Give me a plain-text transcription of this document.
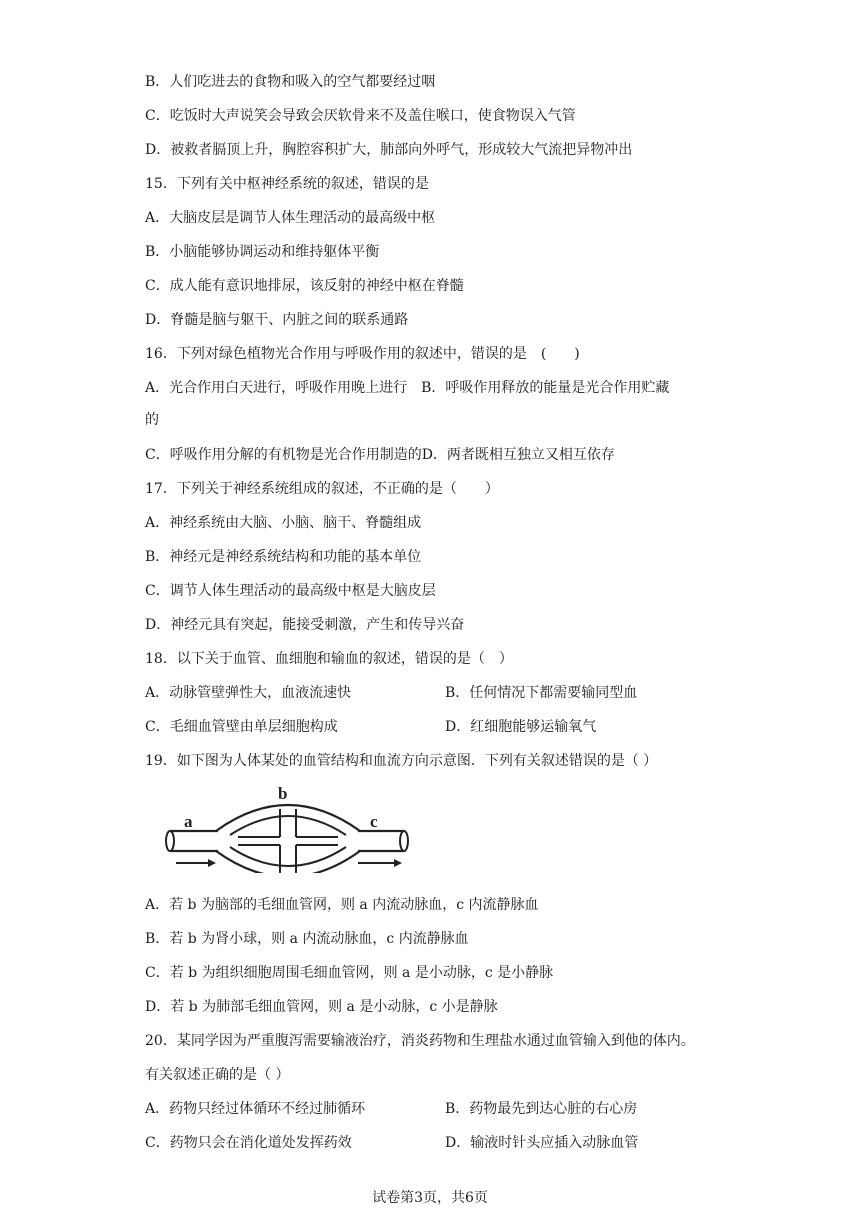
B．人们吃进去的食物和吸入的空气都要经过咽
C．吃饭时大声说笑会导致会厌软骨来不及盖住喉口，使食物误入气管
D．被救者膈顶上升，胸腔容积扩大，肺部向外呼气，形成较大气流把异物冲出
15．下列有关中枢神经系统的叙述，错误的是
A．大脑皮层是调节人体生理活动的最高级中枢
B．小脑能够协调运动和维持躯体平衡
C．成人能有意识地排尿，该反射的神经中枢在脊髓
D．脊髓是脑与躯干、内脏之间的联系通路
16．下列对绿色植物光合作用与呼吸作用的叙述中，错误的是　(　　)
A．光合作用白天进行，呼吸作用晚上进行　B．呼吸作用释放的能量是光合作用贮藏
的
C．呼吸作用分解的有机物是光合作用制造的D．两者既相互独立又相互依存
17．下列关于神经系统组成的叙述，不正确的是（　　）
A．神经系统由大脑、小脑、脑干、脊髓组成
B．神经元是神经系统结构和功能的基本单位
C．调节人体生理活动的最高级中枢是大脑皮层
D．神经元具有突起，能接受刺激，产生和传导兴奋
18．以下关于血管、血细胞和输血的叙述，错误的是（　）
A．动脉管壁弹性大，血液流速快	B．任何情况下都需要输同型血
C．毛细血管壁由单层细胞构成	D．红细胞能够运输氧气
19．如下图为人体某处的血管结构和血流方向示意图．下列有关叙述错误的是（ ）
a
b
c
A．若 b 为脑部的毛细血管网，则 a 内流动脉血，c 内流静脉血
B．若 b 为肾小球，则 a 内流动脉血，c 内流静脉血
C．若 b 为组织细胞周围毛细血管网，则 a 是小动脉，c 是小静脉
D．若 b 为肺部毛细血管网，则 a 是小动脉，c 小是静脉
20．某同学因为严重腹泻需要输液治疗，消炎药物和生理盐水通过血管输入到他的体内。
有关叙述正确的是（ ）
A．药物只经过体循环不经过肺循环	B．药物最先到达心脏的右心房
C．药物只会在消化道处发挥药效	D．输液时针头应插入动脉血管
试卷第3页，共6页
